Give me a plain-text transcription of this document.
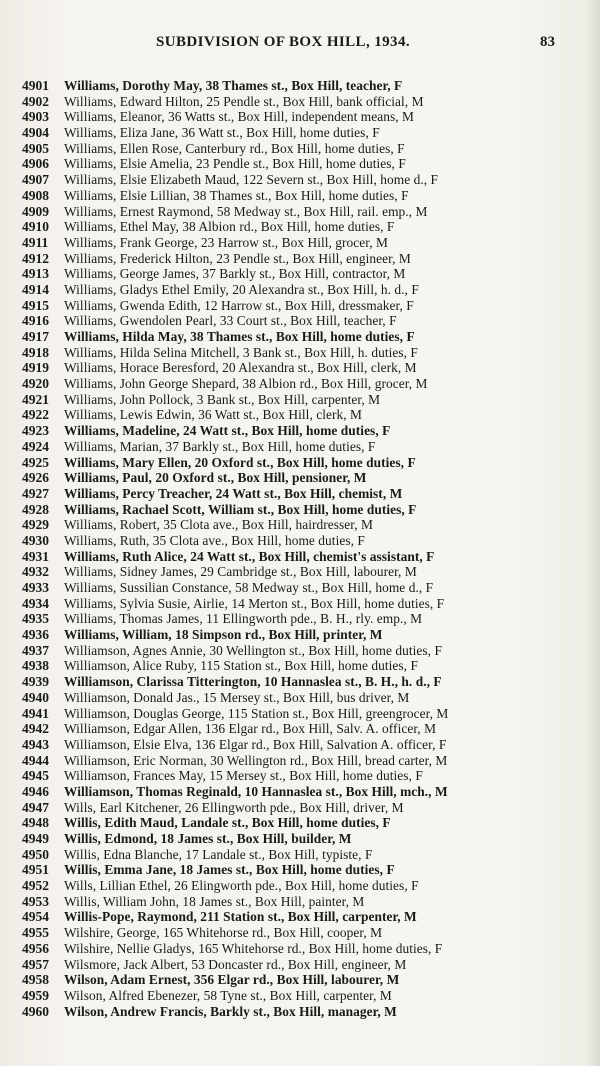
SUBDIVISION OF BOX HILL, 1934.	83
4901	Williams, Dorothy May, 38 Thames st., Box Hill, teacher, F
4902	Williams, Edward Hilton, 25 Pendle st., Box Hill, bank official, M
4903	Williams, Eleanor, 36 Watts st., Box Hill, independent means, M
4904	Williams, Eliza Jane, 36 Watt st., Box Hill, home duties, F
4905	Williams, Ellen Rose, Canterbury rd., Box Hill, home duties, F
4906	Williams, Elsie Amelia, 23 Pendle st., Box Hill, home duties, F
4907	Williams, Elsie Elizabeth Maud, 122 Severn st., Box Hill, home d., F
4908	Williams, Elsie Lillian, 38 Thames st., Box Hill, home duties, F
4909	Williams, Ernest Raymond, 58 Medway st., Box Hill, rail. emp., M
4910	Williams, Ethel May, 38 Albion rd., Box Hill, home duties, F
4911	Williams, Frank George, 23 Harrow st., Box Hill, grocer, M
4912	Williams, Frederick Hilton, 23 Pendle st., Box Hill, engineer, M
4913	Williams, George James, 37 Barkly st., Box Hill, contractor, M
4914	Williams, Gladys Ethel Emily, 20 Alexandra st., Box Hill, h. d., F
4915	Williams, Gwenda Edith, 12 Harrow st., Box Hill, dressmaker, F
4916	Williams, Gwendolen Pearl, 33 Court st., Box Hill, teacher, F
4917	Williams, Hilda May, 38 Thames st., Box Hill, home duties, F
4918	Williams, Hilda Selina Mitchell, 3 Bank st., Box Hill, h. duties, F
4919	Williams, Horace Beresford, 20 Alexandra st., Box Hill, clerk, M
4920	Williams, John George Shepard, 38 Albion rd., Box Hill, grocer, M
4921	Williams, John Pollock, 3 Bank st., Box Hill, carpenter, M
4922	Williams, Lewis Edwin, 36 Watt st., Box Hill, clerk, M
4923	Williams, Madeline, 24 Watt st., Box Hill, home duties, F
4924	Williams, Marian, 37 Barkly st., Box Hill, home duties, F
4925	Williams, Mary Ellen, 20 Oxford st., Box Hill, home duties, F
4926	Williams, Paul, 20 Oxford st., Box Hill, pensioner, M
4927	Williams, Percy Treacher, 24 Watt st., Box Hill, chemist, M
4928	Williams, Rachael Scott, William st., Box Hill, home duties, F
4929	Williams, Robert, 35 Clota ave., Box Hill, hairdresser, M
4930	Williams, Ruth, 35 Clota ave., Box Hill, home duties, F
4931	Williams, Ruth Alice, 24 Watt st., Box Hill, chemist's assistant, F
4932	Williams, Sidney James, 29 Cambridge st., Box Hill, labourer, M
4933	Williams, Sussilian Constance, 58 Medway st., Box Hill, home d., F
4934	Williams, Sylvia Susie, Airlie, 14 Merton st., Box Hill, home duties, F
4935	Williams, Thomas James, 11 Ellingworth pde., B. H., rly. emp., M
4936	Williams, William, 18 Simpson rd., Box Hill, printer, M
4937	Williamson, Agnes Annie, 30 Wellington st., Box Hill, home duties, F
4938	Williamson, Alice Ruby, 115 Station st., Box Hill, home duties, F
4939	Williamson, Clarissa Titterington, 10 Hannaslea st., B. H., h. d., F
4940	Williamson, Donald Jas., 15 Mersey st., Box Hill, bus driver, M
4941	Williamson, Douglas George, 115 Station st., Box Hill, greengrocer, M
4942	Williamson, Edgar Allen, 136 Elgar rd., Box Hill, Salv. A. officer, M
4943	Williamson, Elsie Elva, 136 Elgar rd., Box Hill, Salvation A. officer, F
4944	Williamson, Eric Norman, 30 Wellington rd., Box Hill, bread carter, M
4945	Williamson, Frances May, 15 Mersey st., Box Hill, home duties, F
4946	Williamson, Thomas Reginald, 10 Hannaslea st., Box Hill, mch., M
4947	Wills, Earl Kitchener, 26 Ellingworth pde., Box Hill, driver, M
4948	Willis, Edith Maud, Landale st., Box Hill, home duties, F
4949	Willis, Edmond, 18 James st., Box Hill, builder, M
4950	Willis, Edna Blanche, 17 Landale st., Box Hill, typiste, F
4951	Willis, Emma Jane, 18 James st., Box Hill, home duties, F
4952	Wills, Lillian Ethel, 26 Elingworth pde., Box Hill, home duties, F
4953	Willis, William John, 18 James st., Box Hill, painter, M
4954	Willis-Pope, Raymond, 211 Station st., Box Hill, carpenter, M
4955	Wilshire, George, 165 Whitehorse rd., Box Hill, cooper, M
4956	Wilshire, Nellie Gladys, 165 Whitehorse rd., Box Hill, home duties, F
4957	Wilsmore, Jack Albert, 53 Doncaster rd., Box Hill, engineer, M
4958	Wilson, Adam Ernest, 356 Elgar rd., Box Hill, labourer, M
4959	Wilson, Alfred Ebenezer, 58 Tyne st., Box Hill, carpenter, M
4960	Wilson, Andrew Francis, Barkly st., Box Hill, manager, M
